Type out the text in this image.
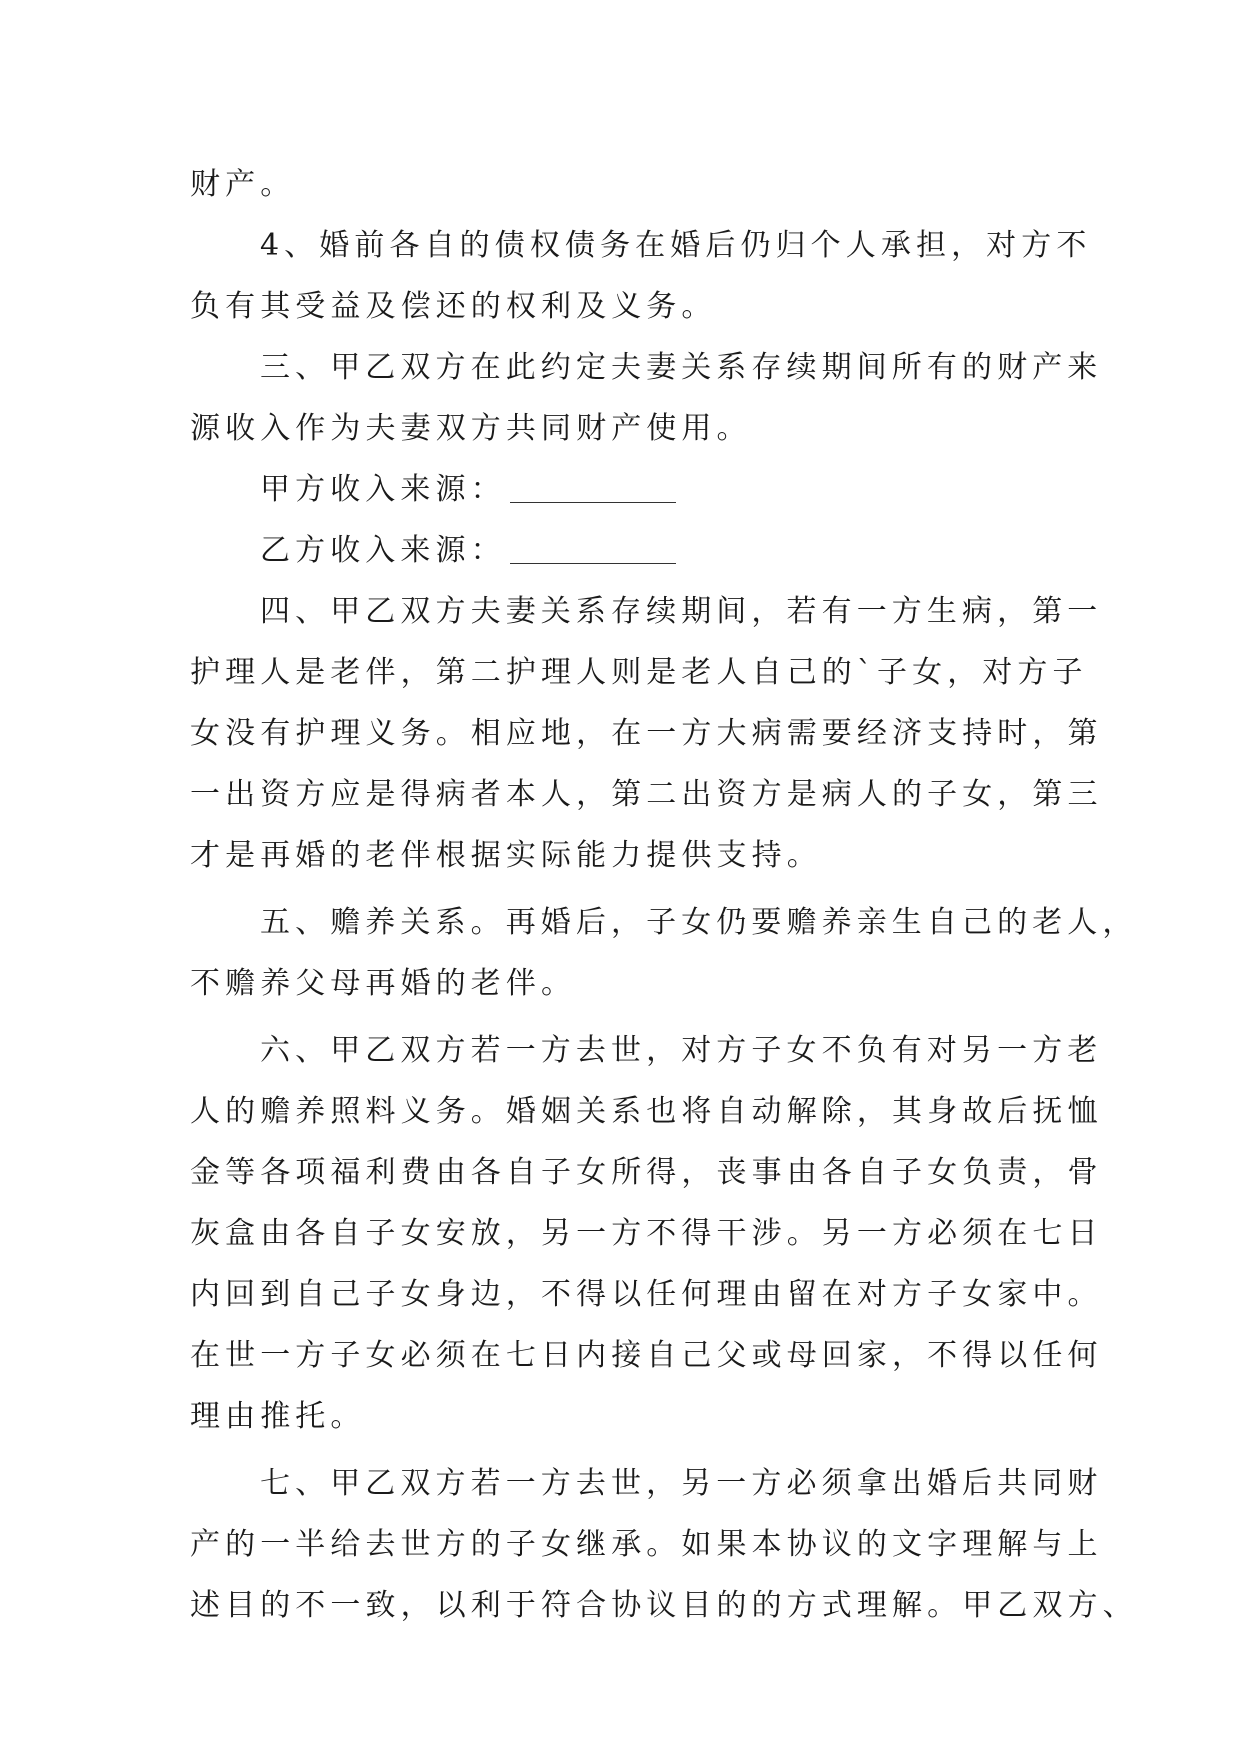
财产。

4、婚前各自的债权债务在婚后仍归个人承担，对方不
负有其受益及偿还的权利及义务。

三、甲乙双方在此约定夫妻关系存续期间所有的财产来
源收入作为夫妻双方共同财产使用。

甲方收入来源：
乙方收入来源：

四、甲乙双方夫妻关系存续期间，若有一方生病，第一
护理人是老伴，第二护理人则是老人自己的`子女，对方子
女没有护理义务。相应地，在一方大病需要经济支持时，第
一出资方应是得病者本人，第二出资方是病人的子女，第三
才是再婚的老伴根据实际能力提供支持。

五、赡养关系。再婚后，子女仍要赡养亲生自己的老人，
不赡养父母再婚的老伴。

六、甲乙双方若一方去世，对方子女不负有对另一方老
人的赡养照料义务。婚姻关系也将自动解除，其身故后抚恤
金等各项福利费由各自子女所得，丧事由各自子女负责，骨
灰盒由各自子女安放，另一方不得干涉。另一方必须在七日
内回到自己子女身边，不得以任何理由留在对方子女家中。
在世一方子女必须在七日内接自己父或母回家，不得以任何
理由推托。

七、甲乙双方若一方去世，另一方必须拿出婚后共同财
产的一半给去世方的子女继承。如果本协议的文字理解与上
述目的不一致，以利于符合协议目的的方式理解。甲乙双方、
